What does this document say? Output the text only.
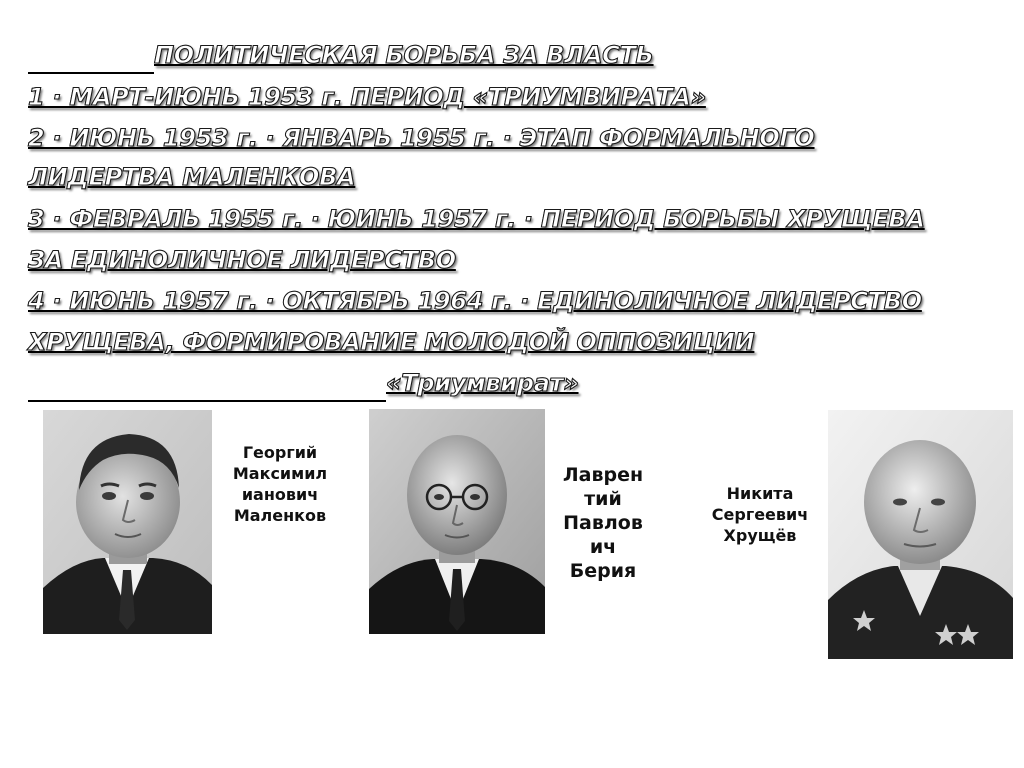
ПОЛИТИЧЕСКАЯ БОРЬБА ЗА ВЛАСТЬ
1 · МАРТ-ИЮНЬ 1953 г. ПЕРИОД «ТРИУМВИРАТА»
2 · ИЮНЬ 1953 г. · ЯНВАРЬ 1955 г. · ЭТАП ФОРМАЛЬНОГО
ЛИДЕРТВА МАЛЕНКОВА
3 · ФЕВРАЛЬ 1955 г. · ЮИНЬ 1957 г. · ПЕРИОД БОРЬБЫ ХРУЩЕВА
ЗА ЕДИНОЛИЧНОЕ ЛИДЕРСТВО
4 · ИЮНЬ 1957 г. · ОКТЯБРЬ 1964 г. · ЕДИНОЛИЧНОЕ ЛИДЕРСТВО
ХРУЩЕВА, ФОРМИРОВАНИЕ МОЛОДОЙ ОППОЗИЦИИ
«Триумвират»
Георгий
Максимил
ианович
Маленков
Лаврен
тий
Павлов
ич
Берия
Никита
Сергеевич
Хрущёв
